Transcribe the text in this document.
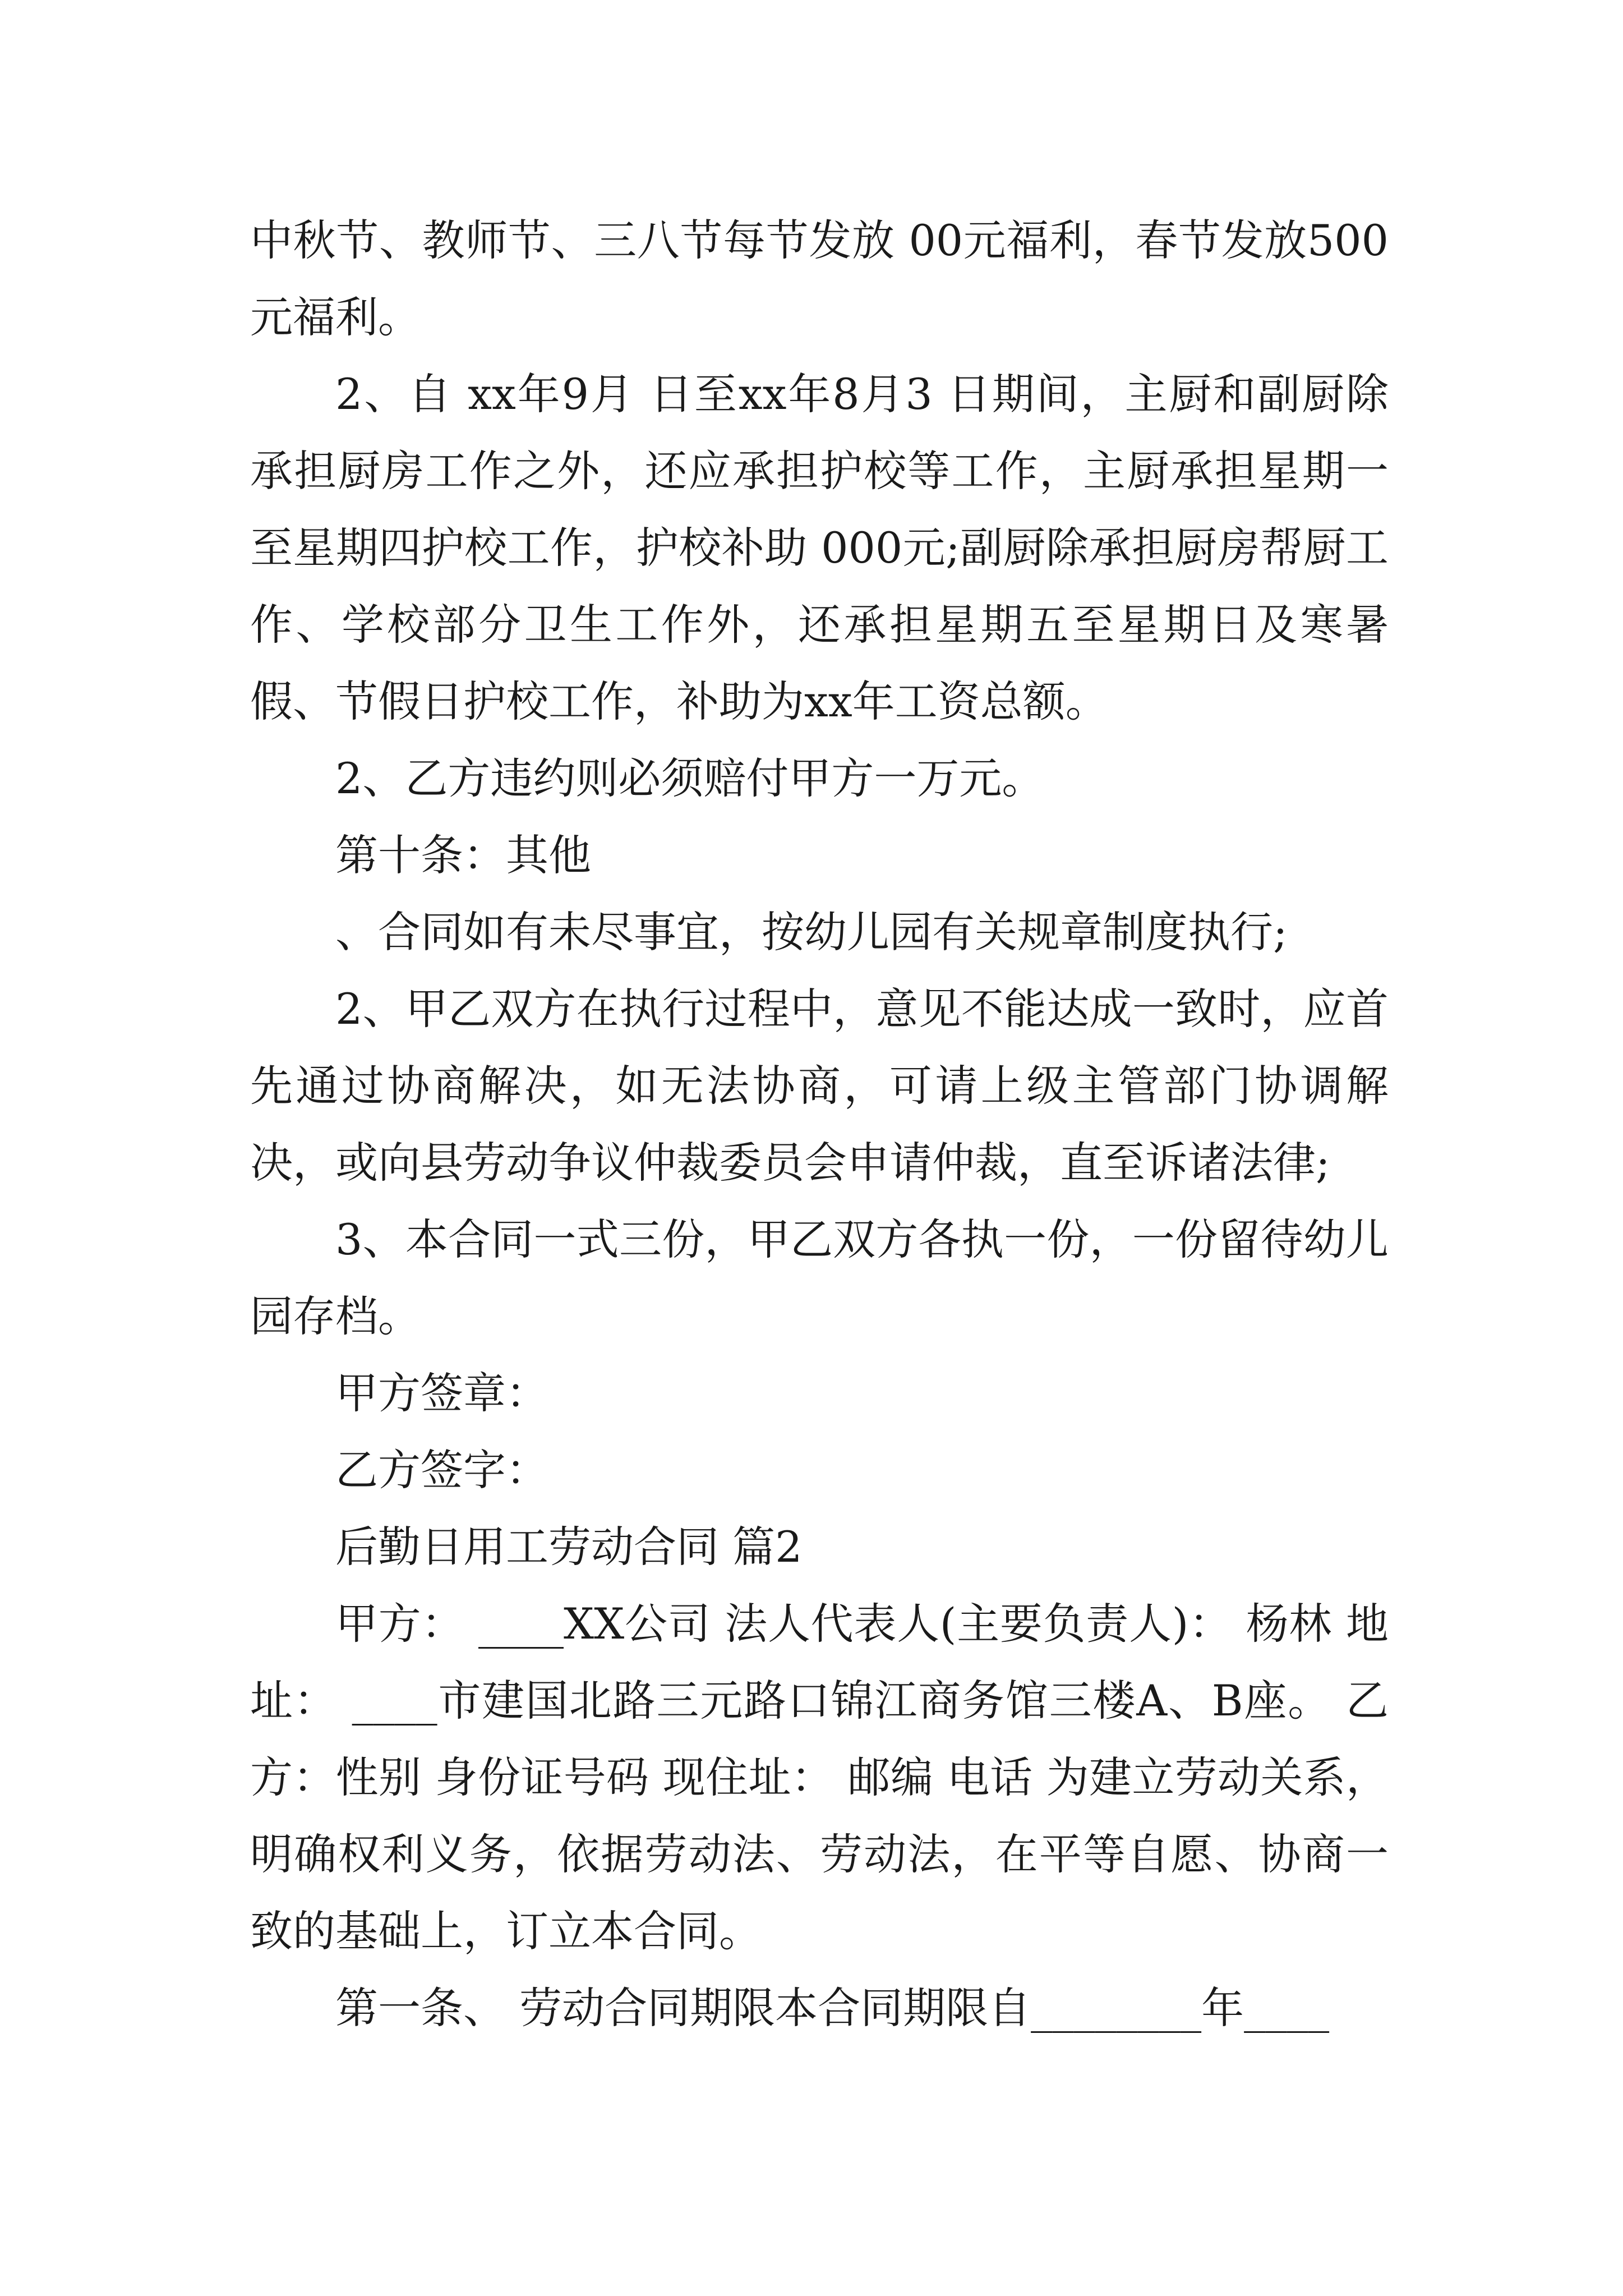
中秋节、教师节、三八节每节发放 00元福利，春节发放500元福利。

2、自 xx年9月 日至xx年8月3 日期间，主厨和副厨除承担厨房工作之外，还应承担护校等工作，主厨承担星期一至星期四护校工作，护校补助 000元;副厨除承担厨房帮厨工作、学校部分卫生工作外，还承担星期五至星期日及寒暑假、节假日护校工作，补助为xx年工资总额。

2、乙方违约则必须赔付甲方一万元。

第十条：其他

、合同如有未尽事宜，按幼儿园有关规章制度执行;

2、甲乙双方在执行过程中，意见不能达成一致时，应首先通过协商解决，如无法协商，可请上级主管部门协调解决，或向县劳动争议仲裁委员会申请仲裁，直至诉诸法律;

3、本合同一式三份，甲乙双方各执一份，一份留待幼儿园存档。

甲方签章：

乙方签字：

后勤日用工劳动合同 篇2

甲方： ____XX公司 法人代表人(主要负责人)： 杨林 地址： ____市建国北路三元路口锦江商务馆三楼A、B座。 乙方：性别 身份证号码 现住址： 邮编 电话 为建立劳动关系，明确权利义务，依据劳动法、劳动法，在平等自愿、协商一致的基础上，订立本合同。

第一条、 劳动合同期限本合同期限自________年____
